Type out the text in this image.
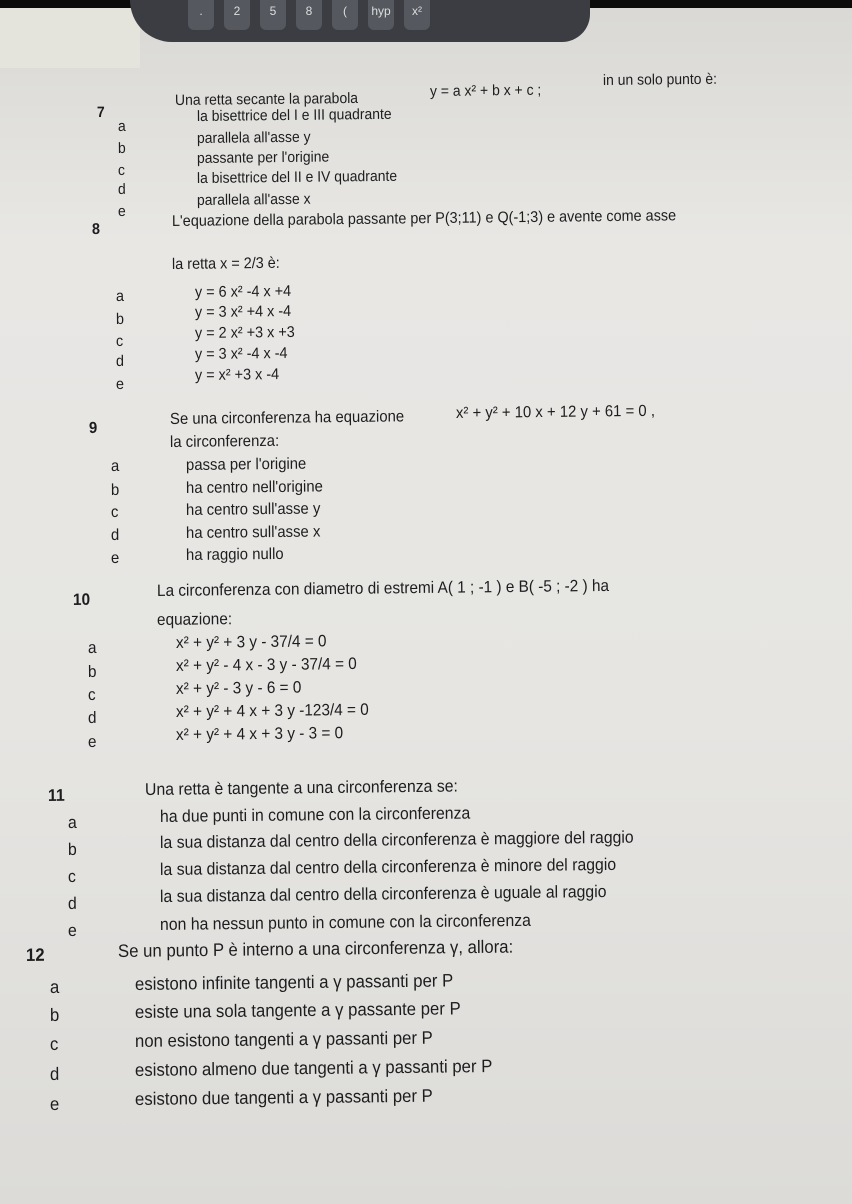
.	2	5	8	(	hyp	x²
7
Una retta secante la parabola	y = a x² + b x + c ;
in un solo punto è:
a
la bisettrice del I e III quadrante
b
parallela all'asse y
c
passante per l'origine
d
la bisettrice del II e IV quadrante
e
parallela all'asse x
8	L'equazione della parabola passante per P(3;11) e Q(-1;3) e avente come asse
la retta x = 2/3 è:
a	y = 6 x² -4 x +4
b	y = 3 x² +4 x -4
c	y = 2 x² +3 x +3
d	y = 3 x² -4 x -4
e
y = x² +3 x -4
9
Se una circonferenza ha equazione	x² + y² + 10 x + 12 y + 61 = 0 ,
la circonferenza:
a	passa per l'origine
b	ha centro nell'origine
c	ha centro sull'asse y
d	ha centro sull'asse x
e	ha raggio nullo
10	La circonferenza con diametro di estremi A( 1 ; -1 ) e B( -5 ; -2 ) ha
equazione:
a	x² + y² + 3 y - 37/4 = 0
b	x² + y² - 4 x - 3 y - 37/4 = 0
c	x² + y² - 3 y - 6 = 0
d	x² + y² + 4 x + 3 y -123/4 = 0
e	x² + y² + 4 x + 3 y - 3 = 0
11	Una retta è tangente a una circonferenza se:
a	ha due punti in comune con la circonferenza
b	la sua distanza dal centro della circonferenza è maggiore del raggio
c	la sua distanza dal centro della circonferenza è minore del raggio
d	la sua distanza dal centro della circonferenza è uguale al raggio
e	non ha nessun punto in comune con la circonferenza
12	Se un punto P è interno a una circonferenza γ, allora:
a	esistono infinite tangenti a γ passanti per P
b	esiste una sola tangente a γ passante per P
c	non esistono tangenti a γ passanti per P
d	esistono almeno due tangenti a γ passanti per P
e	esistono due tangenti a γ passanti per P
